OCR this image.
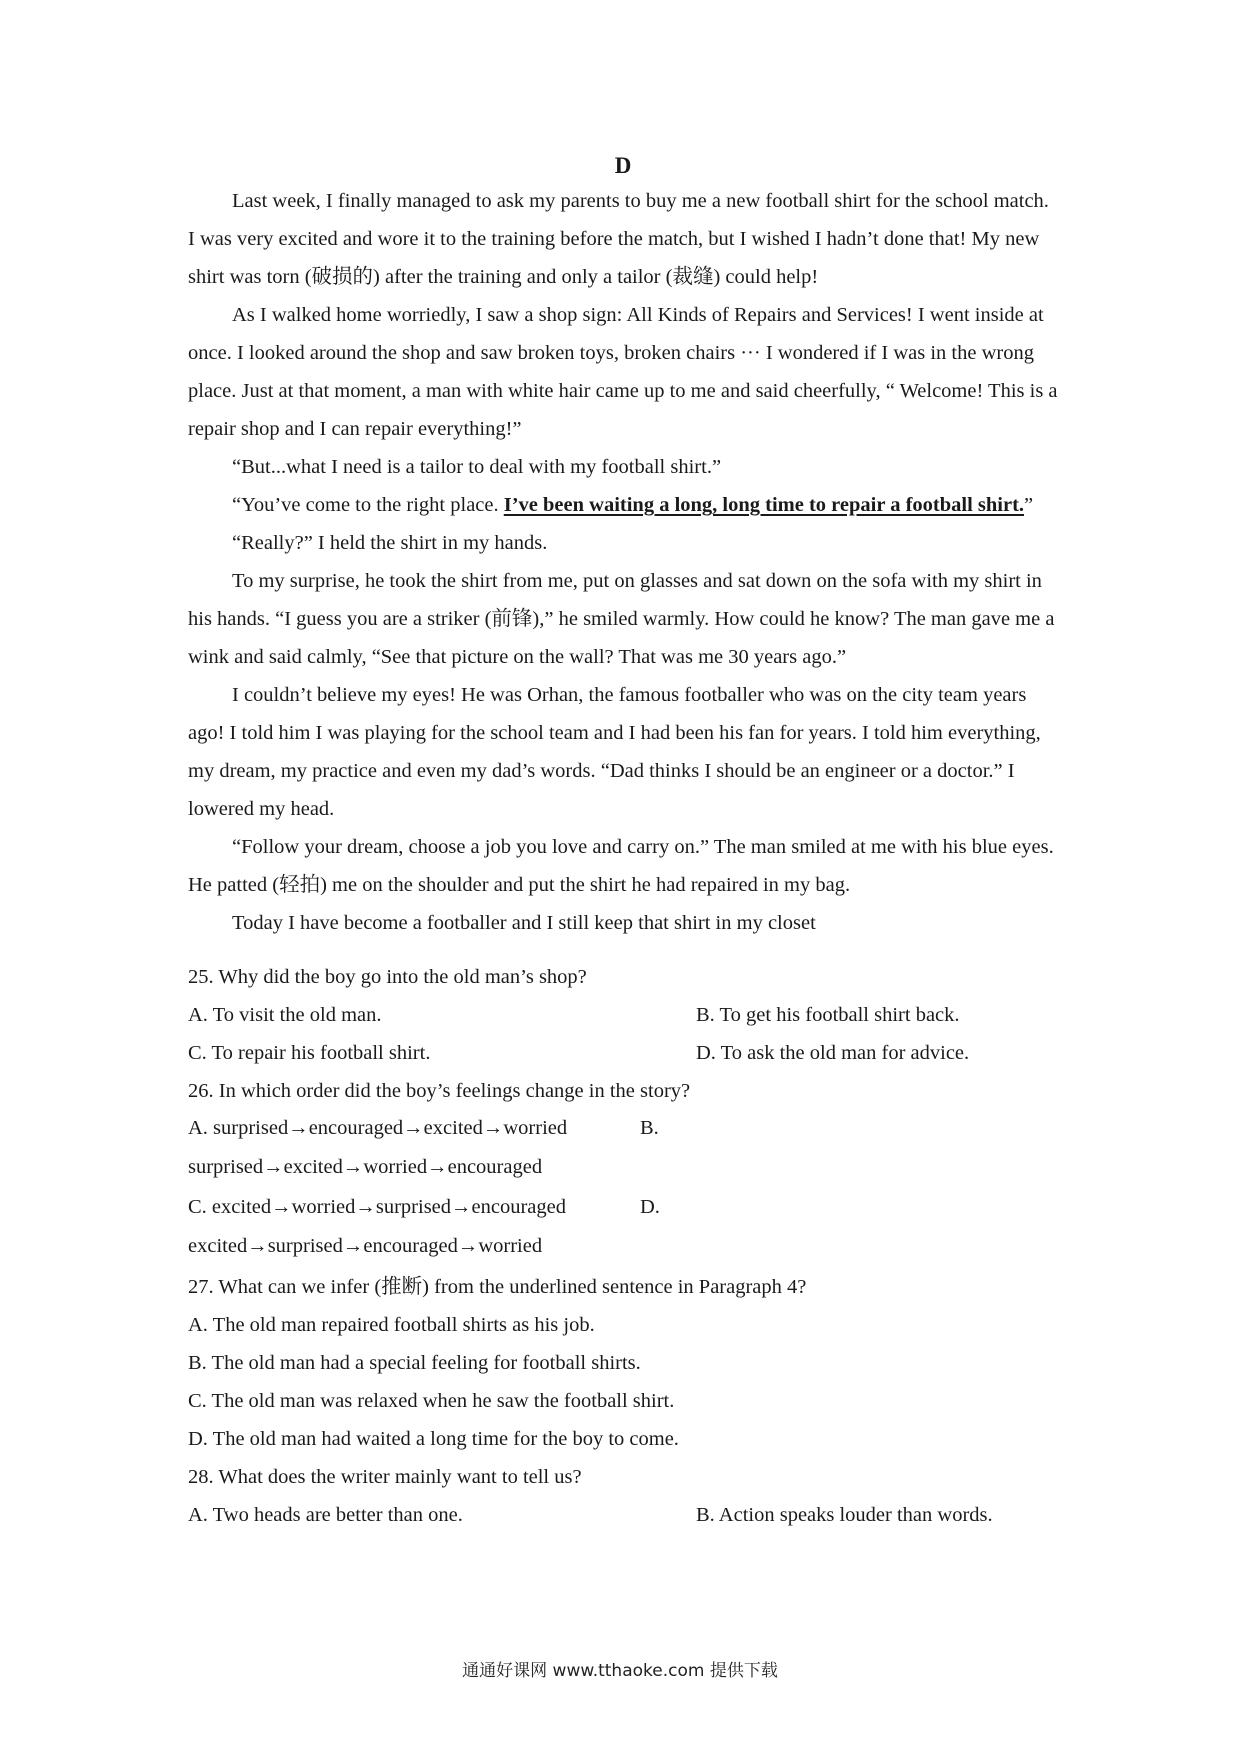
D

Last week, I finally managed to ask my parents to buy me a new football shirt for the school match. I was very excited and wore it to the training before the match, but I wished I hadn’t done that! My new shirt was torn (破损的) after the training and only a tailor (裁缝) could help!

As I walked home worriedly, I saw a shop sign: All Kinds of Repairs and Services! I went inside at once. I looked around the shop and saw broken toys, broken chairs ··· I wondered if I was in the wrong place. Just at that moment, a man with white hair came up to me and said cheerfully, “ Welcome! This is a repair shop and I can repair everything!”

“But...what I need is a tailor to deal with my football shirt.”

“You’ve come to the right place. I’ve been waiting a long, long time to repair a football shirt.”

“Really?” I held the shirt in my hands.

To my surprise, he took the shirt from me, put on glasses and sat down on the sofa with my shirt in his hands. “I guess you are a striker (前锋),” he smiled warmly. How could he know? The man gave me a wink and said calmly, “See that picture on the wall? That was me 30 years ago.”

I couldn’t believe my eyes! He was Orhan, the famous footballer who was on the city team years ago! I told him I was playing for the school team and I had been his fan for years. I told him everything, my dream, my practice and even my dad’s words. “Dad thinks I should be an engineer or a doctor.” I lowered my head.

“Follow your dream, choose a job you love and carry on.” The man smiled at me with his blue eyes. He patted (轻拍) me on the shoulder and put the shirt he had repaired in my bag.

Today I have become a footballer and I still keep that shirt in my closet

25. Why did the boy go into the old man’s shop?
A. To visit the old man.	B. To get his football shirt back.
C. To repair his football shirt.	D. To ask the old man for advice.
26. In which order did the boy’s feelings change in the story?
A. surprised→encouraged→excited→worried	B.
surprised→excited→worried→encouraged
C. excited→worried→surprised→encouraged	D.
excited→surprised→encouraged→worried
27. What can we infer (推断) from the underlined sentence in Paragraph 4?
A. The old man repaired football shirts as his job.
B. The old man had a special feeling for football shirts.
C. The old man was relaxed when he saw the football shirt.
D. The old man had waited a long time for the boy to come.
28. What does the writer mainly want to tell us?
A. Two heads are better than one.	B. Action speaks louder than words.
通通好课网 www.tthaoke.com 提供下载
